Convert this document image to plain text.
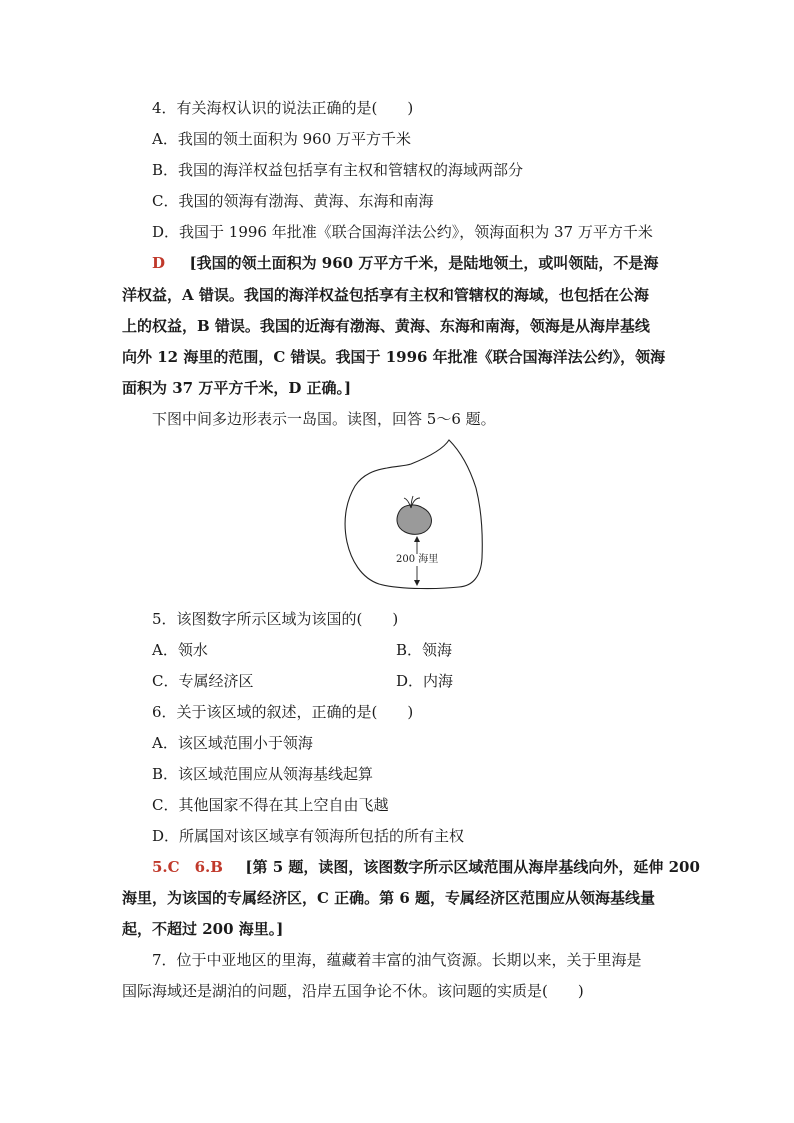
4．有关海权认识的说法正确的是(　　)
A．我国的领土面积为 960 万平方千米
B．我国的海洋权益包括享有主权和管辖权的海域两部分
C．我国的领海有渤海、黄海、东海和南海
D．我国于 1996 年批准《联合国海洋法公约》，领海面积为 37 万平方千米
D [我国的领土面积为 960 万平方千米，是陆地领土，或叫领陆，不是海
洋权益，A 错误。我国的海洋权益包括享有主权和管辖权的海域，也包括在公海
上的权益，B 错误。我国的近海有渤海、黄海、东海和南海，领海是从海岸基线
向外 12 海里的范围，C 错误。我国于 1996 年批准《联合国海洋法公约》，领海
面积为 37 万平方千米，D 正确。]
下图中间多边形表示一岛国。读图，回答 5～6 题。
200 海里
5．该图数字所示区域为该国的(　　)
A．领水	B．领海
C．专属经济区	D．内海
6．关于该区域的叙述，正确的是(　　)
A．该区域范围小于领海
B．该区域范围应从领海基线起算
C．其他国家不得在其上空自由飞越
D．所属国对该区域享有领海所包括的所有主权
5.C　6.B [第 5 题，读图，该图数字所示区域范围从海岸基线向外，延伸 200
海里，为该国的专属经济区，C 正确。第 6 题，专属经济区范围应从领海基线量
起，不超过 200 海里。]
7．位于中亚地区的里海，蕴藏着丰富的油气资源。长期以来，关于里海是
国际海域还是湖泊的问题，沿岸五国争论不休。该问题的实质是(　　)
